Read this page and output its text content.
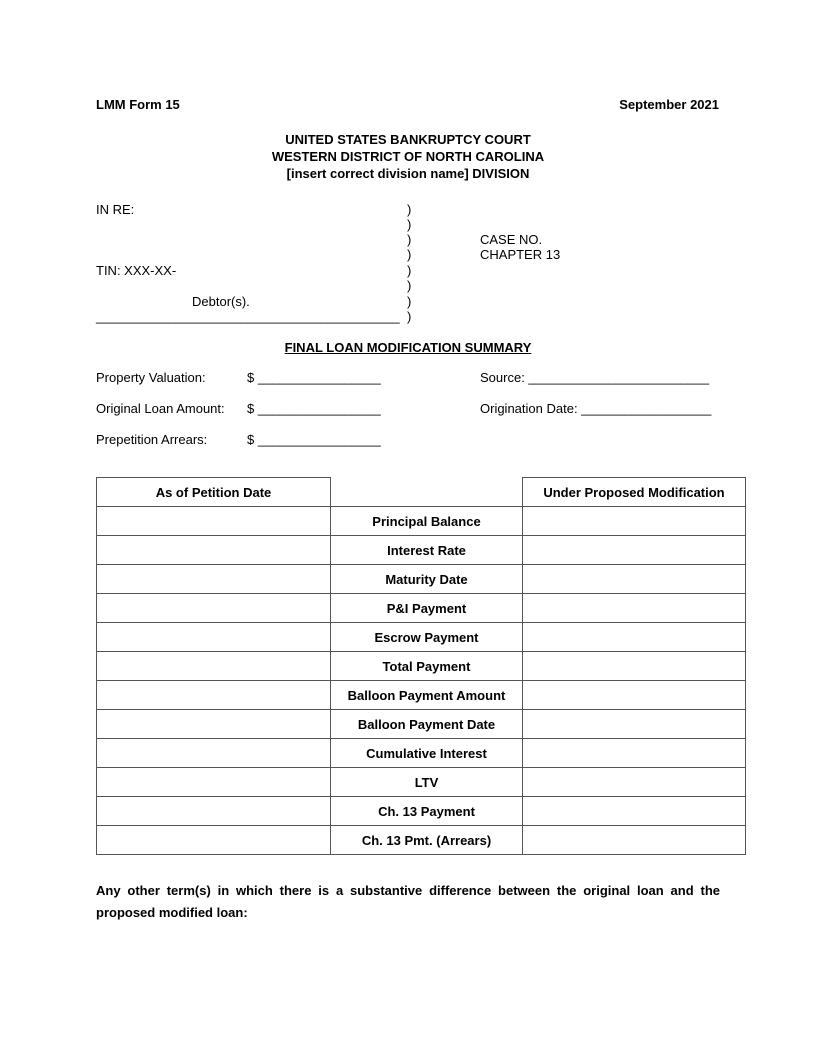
LMM Form 15	September 2021
UNITED STATES BANKRUPTCY COURT
WESTERN DISTRICT OF NORTH CAROLINA
[insert correct division name] DIVISION
IN RE:
TIN: XXX-XX-
Debtor(s).
__________________________________________
)
)
)
)
)
)
)
)
CASE NO.
CHAPTER 13
FINAL LOAN MODIFICATION SUMMARY
Property Valuation:	$ _________________	Source: _________________________
Original Loan Amount: $ _________________	Origination Date: __________________
Prepetition Arrears:	$ _________________
As of Petition Date		Under Proposed Modification
	Principal Balance	
	Interest Rate	
	Maturity Date	
	P&I Payment	
	Escrow Payment	
	Total Payment	
	Balloon Payment Amount	
	Balloon Payment Date	
	Cumulative Interest	
	LTV	
	Ch. 13 Payment	
	Ch. 13 Pmt. (Arrears)	
Any other term(s) in which there is a substantive difference between the original loan and the proposed modified loan:
